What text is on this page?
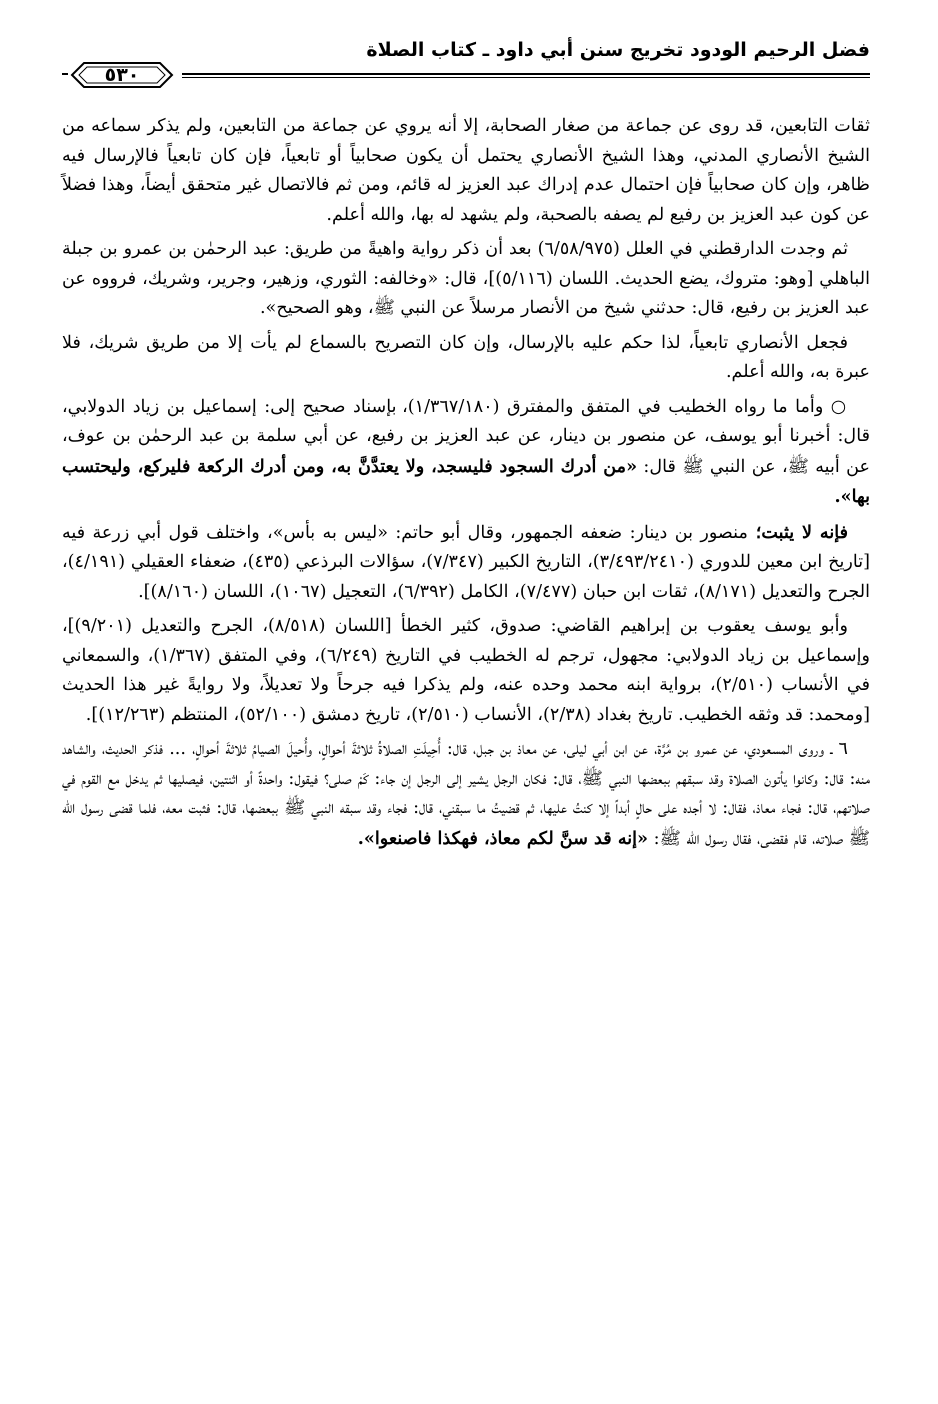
فضل الرحيم الودود تخريج سنن أبي داود ـ كتاب الصلاة
٥٣٠

ثقات التابعين، قد روى عن جماعة من صغار الصحابة، إلا أنه يروي عن جماعة من التابعين، ولم يذكر سماعه من الشيخ الأنصاري المدني، وهذا الشيخ الأنصاري يحتمل أن يكون صحابياً أو تابعياً، فإن كان تابعياً فالإرسال فيه ظاهر، وإن كان صحابياً فإن احتمال عدم إدراك عبد العزيز له قائم، ومن ثم فالاتصال غير متحقق أيضاً، وهذا فضلاً عن كون عبد العزيز بن رفيع لم يصفه بالصحبة، ولم يشهد له بها، والله أعلم.

ثم وجدت الدارقطني في العلل (٦/٥٨/٩٧٥) بعد أن ذكر رواية واهيةً من طريق: عبد الرحمٰن بن عمرو بن جبلة الباهلي [وهو: متروك، يضع الحديث. اللسان (٥/١١٦)]، قال: «وخالفه: الثوري، وزهير، وجرير، وشريك، فرووه عن عبد العزيز بن رفيع، قال: حدثني شيخ من الأنصار مرسلاً عن النبي ﷺ، وهو الصحيح».

فجعل الأنصاري تابعياً، لذا حكم عليه بالإرسال، وإن كان التصريح بالسماع لم يأت إلا من طريق شريك، فلا عبرة به، والله أعلم.

○ وأما ما رواه الخطيب في المتفق والمفترق (١/٣٦٧/١٨٠)، بإسناد صحيح إلى: إسماعيل بن زياد الدولابي، قال: أخبرنا أبو يوسف، عن منصور بن دينار، عن عبد العزيز بن رفيع، عن أبي سلمة بن عبد الرحمٰن بن عوف، عن أبيه ﷺ، عن النبي ﷺ قال: «من أدرك السجود فليسجد، ولا يعتدَّنَّ به، ومن أدرك الركعة فليركع، وليحتسب بها».

فإنه لا يثبت؛ منصور بن دينار: ضعفه الجمهور، وقال أبو حاتم: «ليس به بأس»، واختلف قول أبي زرعة فيه [تاريخ ابن معين للدوري (٣/٤٩٣/٢٤١٠)، التاريخ الكبير (٧/٣٤٧)، سؤالات البرذعي (٤٣٥)، ضعفاء العقيلي (٤/١٩١)، الجرح والتعديل (٨/١٧١)، ثقات ابن حبان (٧/٤٧٧)، الكامل (٦/٣٩٢)، التعجيل (١٠٦٧)، اللسان (٨/١٦٠)].

وأبو يوسف يعقوب بن إبراهيم القاضي: صدوق، كثير الخطأ [اللسان (٨/٥١٨)، الجرح والتعديل (٩/٢٠١)]، وإسماعيل بن زياد الدولابي: مجهول، ترجم له الخطيب في التاريخ (٦/٢٤٩)، وفي المتفق (١/٣٦٧)، والسمعاني في الأنساب (٢/٥١٠)، برواية ابنه محمد وحده عنه، ولم يذكرا فيه جرحاً ولا تعديلاً، ولا روايةً غير هذا الحديث [ومحمد: قد وثقه الخطيب. تاريخ بغداد (٢/٣٨)، الأنساب (٢/٥١٠)، تاريخ دمشق (٥٢/١٠٠)، المنتظم (١٢/٢٦٣)].

٦ ـ وروى المسعودي، عن عمرو بن مُرَّة، عن ابن أبي ليلى، عن معاذ بن جبل، قال: أُحِيلَتِ الصلاةُ ثلاثةَ أحوالٍ، وأُحيلَ الصيامُ ثلاثةَ أحوالٍ، ... فذكر الحديث، والشاهد منه: قال: وكانوا يأتون الصلاة وقد سبقهم ببعضها النبي ﷺ، قال: فكان الرجل يشير إلى الرجل إن جاء: كَمْ صلى؟ فيقول: واحدةً أو اثنتين، فيصليها ثم يدخل مع القوم في صلاتهم، قال: فجاء معاذ، فقال: لا أجده على حالٍ أبداً إلا كنتُ عليها، ثم قضيتُ ما سبقني، قال: فجاء وقد سبقه النبي ﷺ ببعضها، قال: فثبت معه، فلما قضى رسول الله ﷺ صلاته، قام فقضى، فقال رسول الله ﷺ: «إنه قد سنَّ لكم معاذ، فهكذا فاصنعوا».
